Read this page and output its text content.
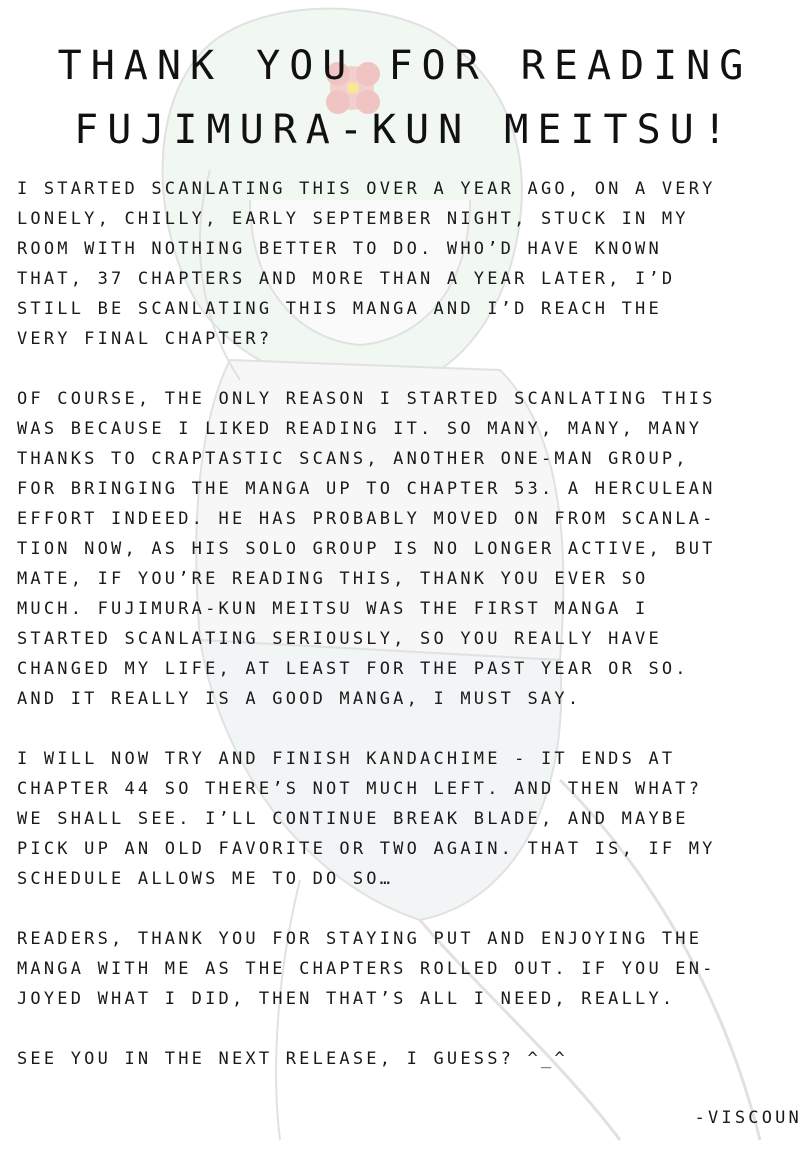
THANK YOU FOR READING
FUJIMURA-KUN MEITSU!

I STARTED SCANLATING THIS OVER A YEAR AGO, ON A VERY
LONELY, CHILLY, EARLY SEPTEMBER NIGHT, STUCK IN MY
ROOM WITH NOTHING BETTER TO DO. WHO’D HAVE KNOWN
THAT, 37 CHAPTERS AND MORE THAN A YEAR LATER, I’D
STILL BE SCANLATING THIS MANGA AND I’D REACH THE
VERY FINAL CHAPTER?

OF COURSE, THE ONLY REASON I STARTED SCANLATING THIS
WAS BECAUSE I LIKED READING IT. SO MANY, MANY, MANY
THANKS TO CRAPTASTIC SCANS, ANOTHER ONE-MAN GROUP,
FOR BRINGING THE MANGA UP TO CHAPTER 53. A HERCULEAN
EFFORT INDEED. HE HAS PROBABLY MOVED ON FROM SCANLA-
TION NOW, AS HIS SOLO GROUP IS NO LONGER ACTIVE, BUT
MATE, IF YOU’RE READING THIS, THANK YOU EVER SO
MUCH. FUJIMURA-KUN MEITSU WAS THE FIRST MANGA I
STARTED SCANLATING SERIOUSLY, SO YOU REALLY HAVE
CHANGED MY LIFE, AT LEAST FOR THE PAST YEAR OR SO.
AND IT REALLY IS A GOOD MANGA, I MUST SAY.

I WILL NOW TRY AND FINISH KANDACHIME - IT ENDS AT
CHAPTER 44 SO THERE’S NOT MUCH LEFT. AND THEN WHAT?
WE SHALL SEE. I’LL CONTINUE BREAK BLADE, AND MAYBE
PICK UP AN OLD FAVORITE OR TWO AGAIN. THAT IS, IF MY
SCHEDULE ALLOWS ME TO DO SO…

READERS, THANK YOU FOR STAYING PUT AND ENJOYING THE
MANGA WITH ME AS THE CHAPTERS ROLLED OUT. IF YOU EN-
JOYED WHAT I DID, THEN THAT’S ALL I NEED, REALLY.

SEE YOU IN THE NEXT RELEASE, I GUESS? ^_^

-VISCOUN
